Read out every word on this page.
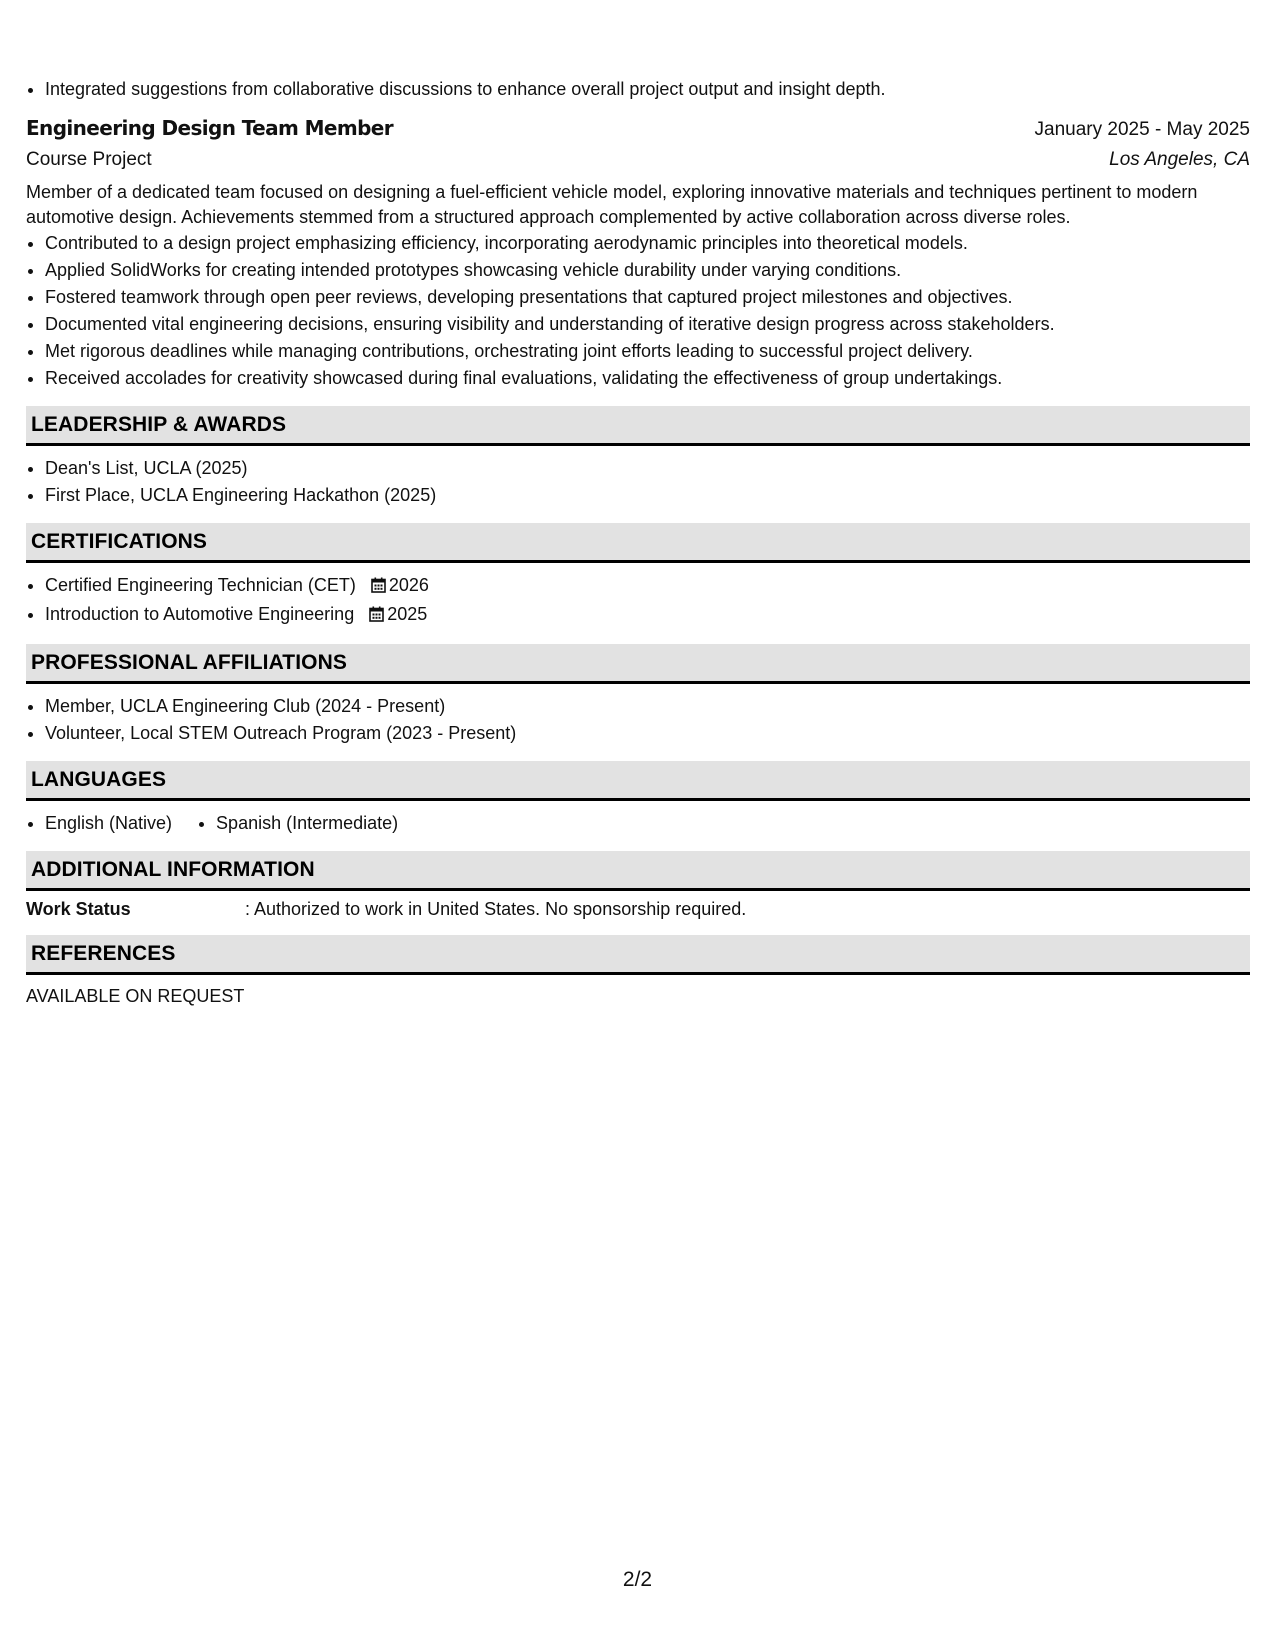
• Integrated suggestions from collaborative discussions to enhance overall project output and insight depth.
Engineering Design Team Member	January 2025 - May 2025
Course Project	Los Angeles, CA
Member of a dedicated team focused on designing a fuel-efficient vehicle model, exploring innovative materials and techniques pertinent to modern automotive design. Achievements stemmed from a structured approach complemented by active collaboration across diverse roles.
• Contributed to a design project emphasizing efficiency, incorporating aerodynamic principles into theoretical models.
• Applied SolidWorks for creating intended prototypes showcasing vehicle durability under varying conditions.
• Fostered teamwork through open peer reviews, developing presentations that captured project milestones and objectives.
• Documented vital engineering decisions, ensuring visibility and understanding of iterative design progress across stakeholders.
• Met rigorous deadlines while managing contributions, orchestrating joint efforts leading to successful project delivery.
• Received accolades for creativity showcased during final evaluations, validating the effectiveness of group undertakings.
LEADERSHIP & AWARDS
• Dean's List, UCLA (2025)
• First Place, UCLA Engineering Hackathon (2025)
CERTIFICATIONS
• Certified Engineering Technician (CET) 2026
• Introduction to Automotive Engineering 2025
PROFESSIONAL AFFILIATIONS
• Member, UCLA Engineering Club (2024 - Present)
• Volunteer, Local STEM Outreach Program (2023 - Present)
LANGUAGES
• English (Native)
• Spanish (Intermediate)
ADDITIONAL INFORMATION
Work Status	: Authorized to work in United States. No sponsorship required.
REFERENCES
AVAILABLE ON REQUEST
2/2
